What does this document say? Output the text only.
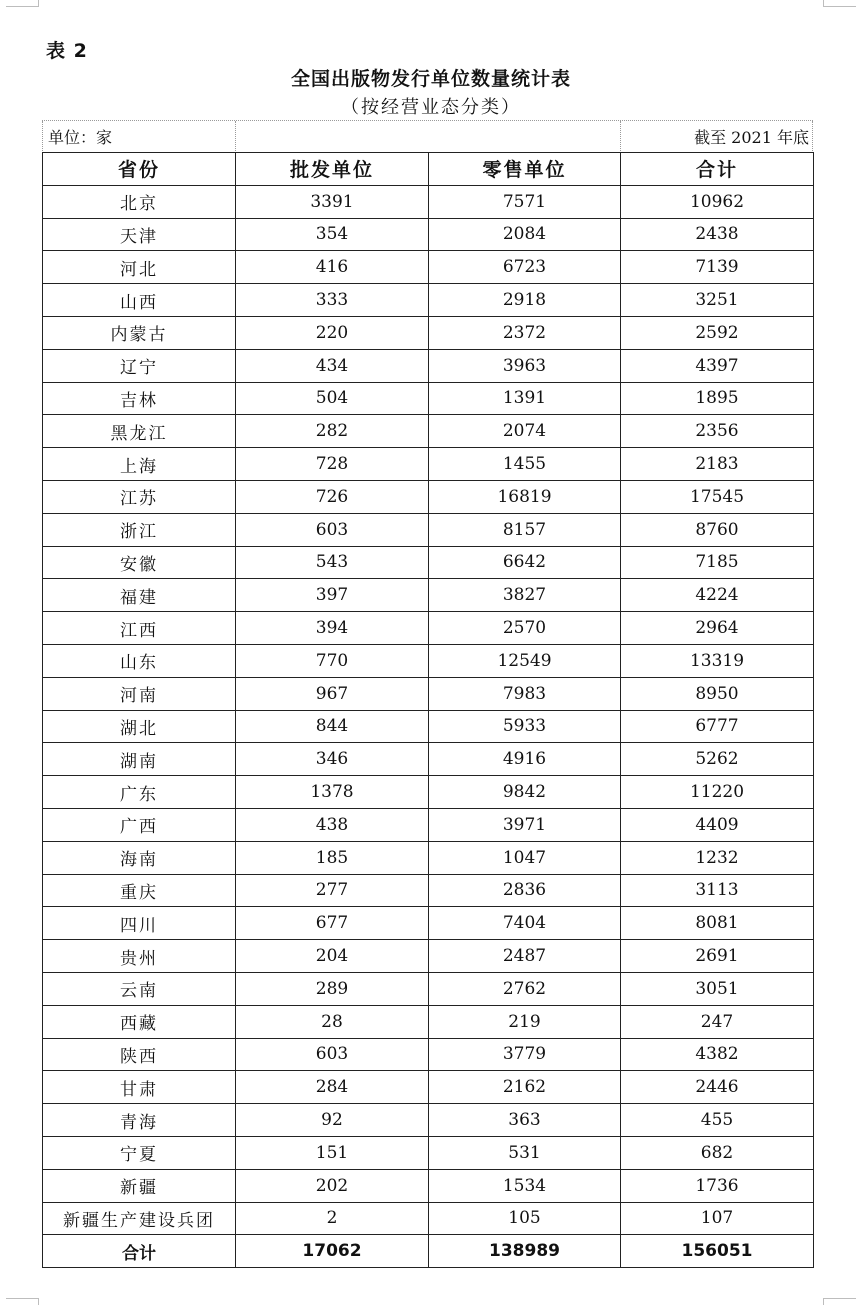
表 2
全国出版物发行单位数量统计表
（按经营业态分类）
单位：家	截至 2021 年底
省份	批发单位	零售单位	合计
北京	3391	7571	10962
天津	354	2084	2438
河北	416	6723	7139
山西	333	2918	3251
内蒙古	220	2372	2592
辽宁	434	3963	4397
吉林	504	1391	1895
黑龙江	282	2074	2356
上海	728	1455	2183
江苏	726	16819	17545
浙江	603	8157	8760
安徽	543	6642	7185
福建	397	3827	4224
江西	394	2570	2964
山东	770	12549	13319
河南	967	7983	8950
湖北	844	5933	6777
湖南	346	4916	5262
广东	1378	9842	11220
广西	438	3971	4409
海南	185	1047	1232
重庆	277	2836	3113
四川	677	7404	8081
贵州	204	2487	2691
云南	289	2762	3051
西藏	28	219	247
陕西	603	3779	4382
甘肃	284	2162	2446
青海	92	363	455
宁夏	151	531	682
新疆	202	1534	1736
新疆生产建设兵团	2	105	107
合计	17062	138989	156051
